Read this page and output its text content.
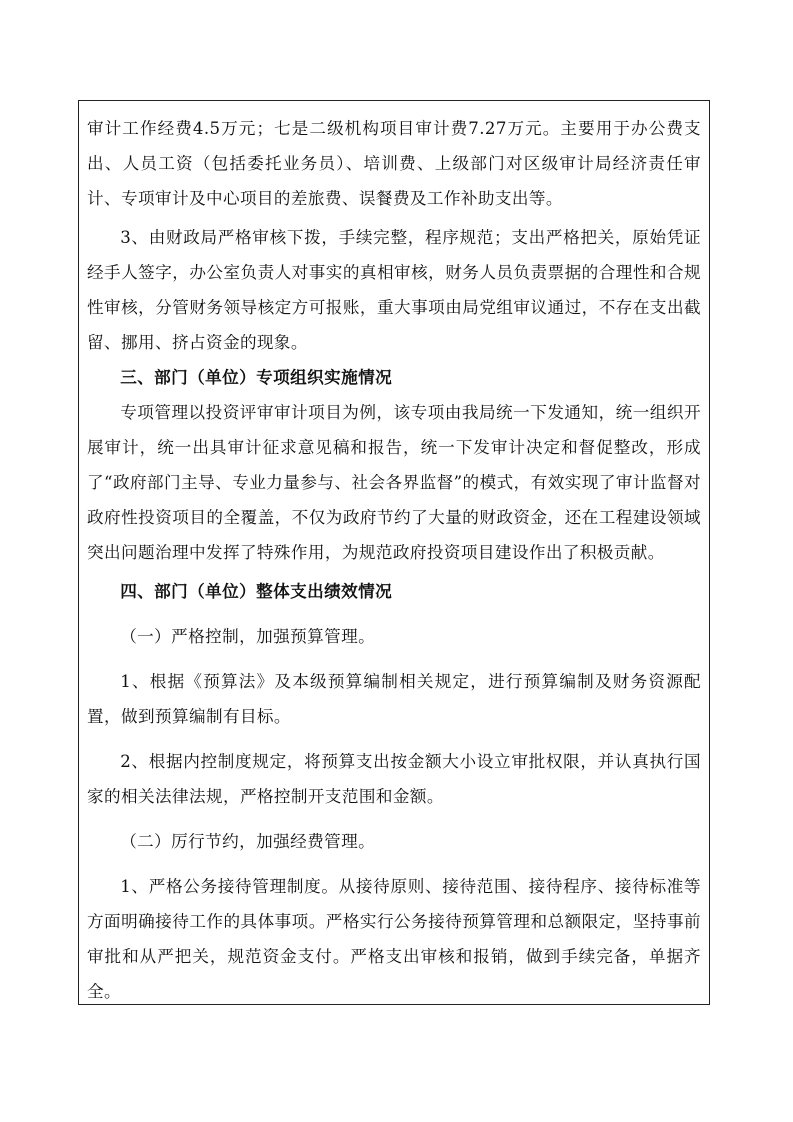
审计工作经费4.5万元；七是二级机构项目审计费7.27万元。主要用于办公费支出、人员工资（包括委托业务员）、培训费、上级部门对区级审计局经济责任审计、专项审计及中心项目的差旅费、误餐费及工作补助支出等。

3、由财政局严格审核下拨，手续完整，程序规范；支出严格把关，原始凭证经手人签字，办公室负责人对事实的真相审核，财务人员负责票据的合理性和合规性审核，分管财务领导核定方可报账，重大事项由局党组审议通过，不存在支出截留、挪用、挤占资金的现象。

三、部门（单位）专项组织实施情况

专项管理以投资评审审计项目为例，该专项由我局统一下发通知，统一组织开展审计，统一出具审计征求意见稿和报告，统一下发审计决定和督促整改，形成了“政府部门主导、专业力量参与、社会各界监督”的模式，有效实现了审计监督对政府性投资项目的全覆盖，不仅为政府节约了大量的财政资金，还在工程建设领域突出问题治理中发挥了特殊作用，为规范政府投资项目建设作出了积极贡献。

四、部门（单位）整体支出绩效情况

（一）严格控制，加强预算管理。

1、根据《预算法》及本级预算编制相关规定，进行预算编制及财务资源配置，做到预算编制有目标。

2、根据内控制度规定，将预算支出按金额大小设立审批权限，并认真执行国家的相关法律法规，严格控制开支范围和金额。

（二）厉行节约，加强经费管理。

1、严格公务接待管理制度。从接待原则、接待范围、接待程序、接待标准等方面明确接待工作的具体事项。严格实行公务接待预算管理和总额限定，坚持事前审批和从严把关，规范资金支付。严格支出审核和报销，做到手续完备，单据齐全。
